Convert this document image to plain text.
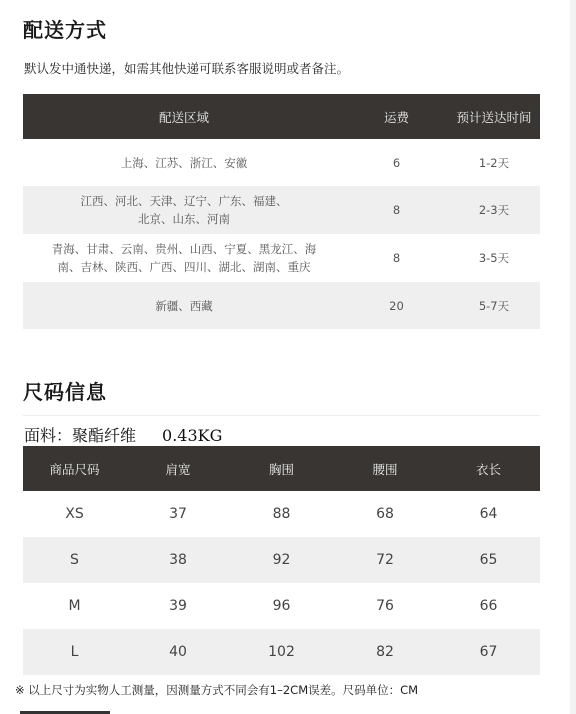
配送方式
默认发中通快递，如需其他快递可联系客服说明或者备注。
配送区域	运费	预计送达时间

上海、江苏、浙江、安徽	6	1-2天

江西、河北、天津、辽宁、广东、福建、
北京、山东、河南	8	2-3天

青海、甘肃、云南、贵州、山西、宁夏、黑龙江、海
南、吉林、陕西、广西、四川、湖北、湖南、重庆	8	3-5天

新疆、西藏	20	5-7天
尺码信息
面料：聚酯纤维 0.43KG
商品尺码	肩宽	胸围	腰围	衣长
XS	37	88	68	64
S	38	92	72	65
M	39	96	76	66
L	40	102	82	67
※ 以上尺寸为实物人工测量，因测量方式不同会有1–2CM误差。尺码单位：CM
